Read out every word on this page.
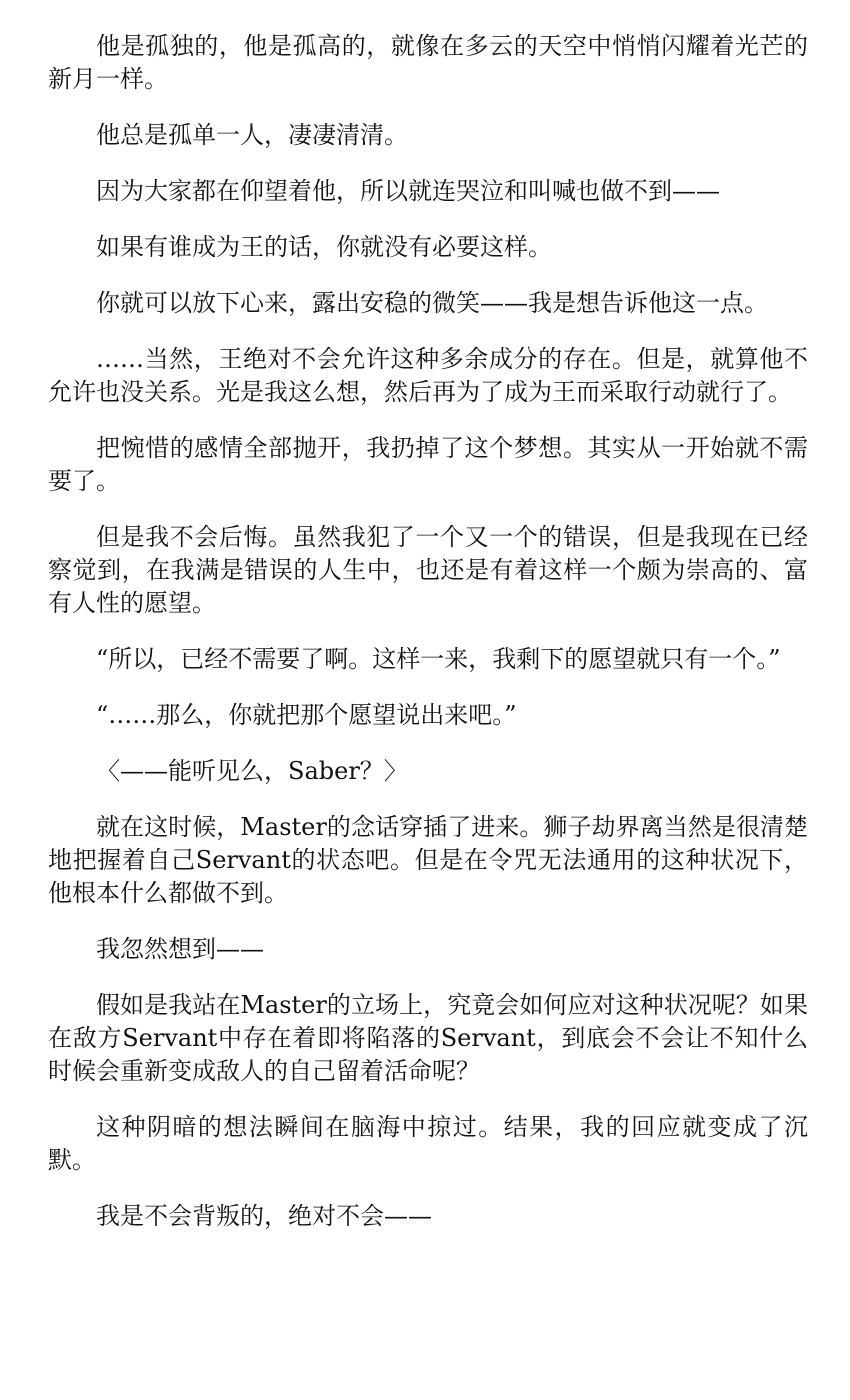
他是孤独的，他是孤高的，就像在多云的天空中悄悄闪耀着光芒的新月一样。

他总是孤单一人，凄凄清清。

因为大家都在仰望着他，所以就连哭泣和叫喊也做不到——

如果有谁成为王的话，你就没有必要这样。

你就可以放下心来，露出安稳的微笑——我是想告诉他这一点。

……当然，王绝对不会允许这种多余成分的存在。但是，就算他不允许也没关系。光是我这么想，然后再为了成为王而采取行动就行了。

把惋惜的感情全部抛开，我扔掉了这个梦想。其实从一开始就不需要了。

但是我不会后悔。虽然我犯了一个又一个的错误，但是我现在已经察觉到，在我满是错误的人生中，也还是有着这样一个颇为崇高的、富有人性的愿望。

“所以，已经不需要了啊。这样一来，我剩下的愿望就只有一个。”

“……那么，你就把那个愿望说出来吧。”

〈——能听见么，Saber？〉

就在这时候，Master的念话穿插了进来。狮子劫界离当然是很清楚地把握着自己Servant的状态吧。但是在令咒无法通用的这种状况下，他根本什么都做不到。

我忽然想到——

假如是我站在Master的立场上，究竟会如何应对这种状况呢？如果在敌方Servant中存在着即将陷落的Servant，到底会不会让不知什么时候会重新变成敌人的自己留着活命呢？

这种阴暗的想法瞬间在脑海中掠过。结果，我的回应就变成了沉默。

我是不会背叛的，绝对不会——
